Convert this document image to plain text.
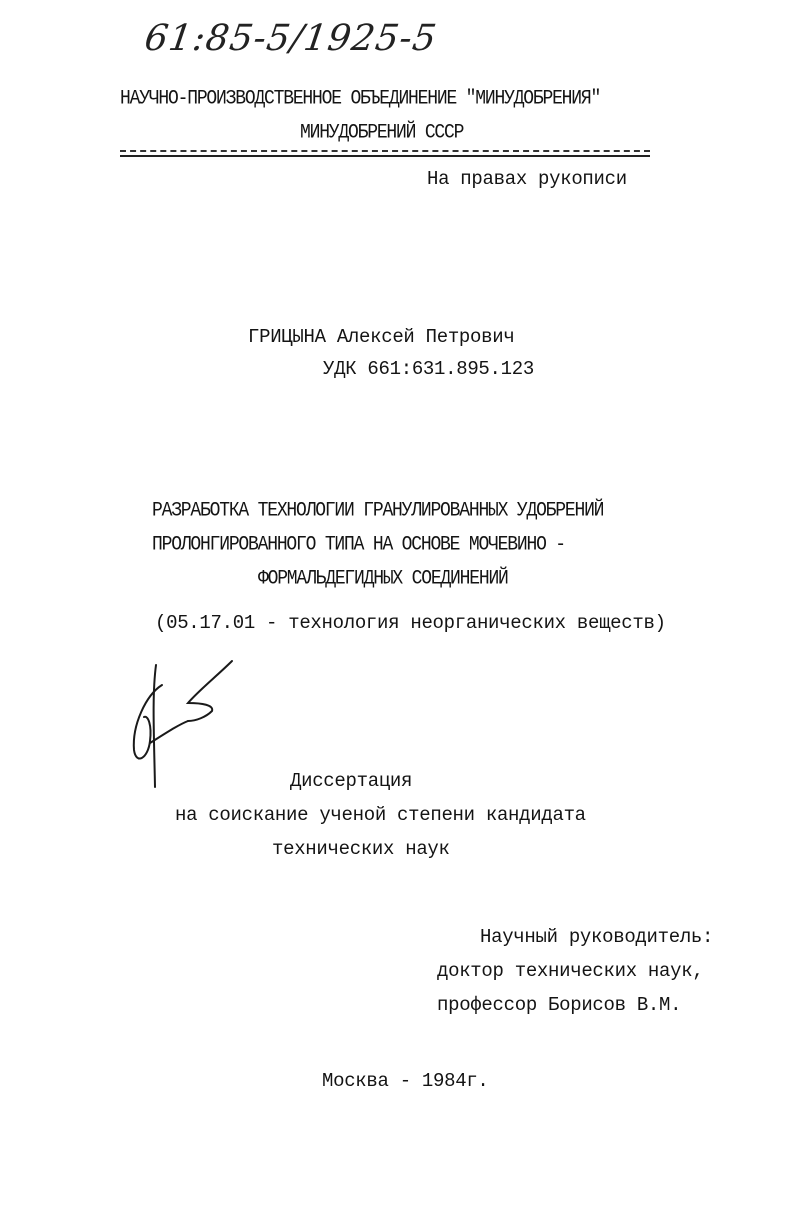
61:85-5/1925-5
НАУЧНО-ПРОИЗВОДСТВЕННОЕ ОБЪЕДИНЕНИЕ "МИНУДОБРЕНИЯ"
МИНУДОБРЕНИЙ СССР
На правах рукописи
ГРИЦЫНА Алексей Петрович
УДК 661:631.895.123
РАЗРАБОТКА ТЕХНОЛОГИИ ГРАНУЛИРОВАННЫХ УДОБРЕНИЙ
ПРОЛОНГИРОВАННОГО ТИПА НА ОСНОВЕ МОЧЕВИНО -
ФОРМАЛЬДЕГИДНЫХ СОЕДИНЕНИЙ
(05.17.01 - технология неорганических веществ)
Диссертация
на соискание ученой степени кандидата
технических наук
Научный руководитель:
доктор технических наук,
профессор Борисов В.М.
Москва - 1984г.
